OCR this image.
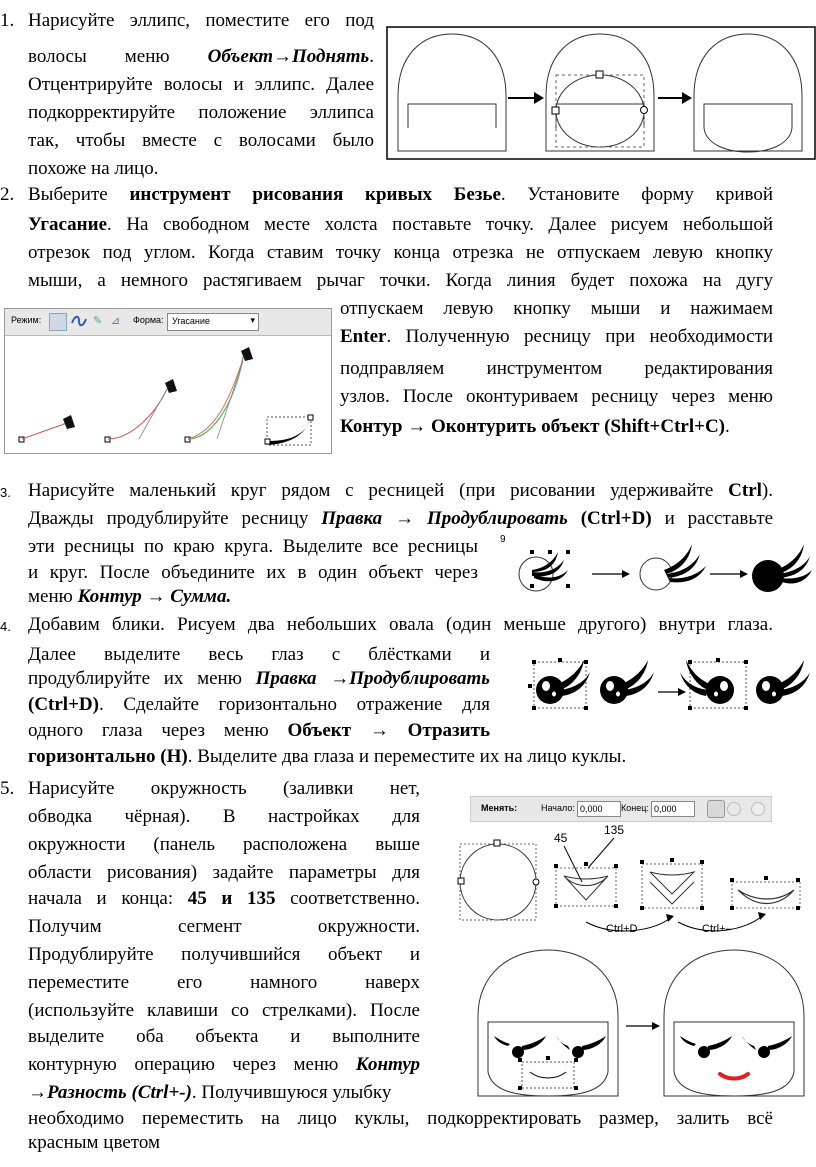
1. Нарисуйте эллипс, поместите его под

волосы меню Объект→Поднять.

Отцентрируйте волосы и эллипс. Далее

подкорректируйте положение эллипса

так, чтобы вместе с волосами было

похоже на лицо.

2. Выберите инструмент рисования кривых Безье. Установите форму кривой

Угасание. На свободном месте холста поставьте точку. Далее рисуем небольшой

отрезок под углом. Когда ставим точку конца отрезка не отпускаем левую кнопку

мыши, а немного растягиваем рычаг точки. Когда линия будет похожа на дугу

отпускаем левую кнопку мыши и нажимаем

Enter. Полученную ресницу при необходимости

подправляем инструментом редактирования

узлов. После оконтуриваем ресницу через меню

Контур → Оконтурить объект (Shift+Ctrl+C).

Режим:	✎ ⊿ Форма: Угасание	▾
3. Нарисуйте маленький круг рядом с ресницей (при рисовании удерживайте Ctrl).

Дважды продублируйте ресницу Правка → Продублировать (Ctrl+D) и расставьте

эти ресницы по краю круга. Выделите все ресницы

и круг. После объедините их в один объект через

меню Контур → Сумма.

9
4. Добавим блики. Рисуем два небольших овала (один меньше другого) внутри глаза.

Далее выделите весь глаз с блёстками и

продублируйте их меню Правка →Продублировать

(Ctrl+D). Сделайте горизонтально отражение для

одного глаза через меню Объект → Отразить

горизонтально (H). Выделите два глаза и переместите их на лицо куклы.

5. Нарисуйте окружность (заливки нет,

обводка чёрная). В настройках для

окружности (панель расположена выше

области рисования) задайте параметры для

начала и конца: 45 и 135 соответственно.

Получим сегмент окружности.

Продублируйте получившийся объект и

переместите его намного наверх

(используйте клавиши со стрелками). После

выделите оба объекта и выполните

контурную операцию через меню Контур

→Разность (Ctrl+-). Получившуюся улыбку

необходимо переместить на лицо куклы, подкорректировать размер, залить всё

красным цветом

Менять:	Начало: 0,000	Конец: 0,000
45
135
Ctrl+D	Ctrl+–
